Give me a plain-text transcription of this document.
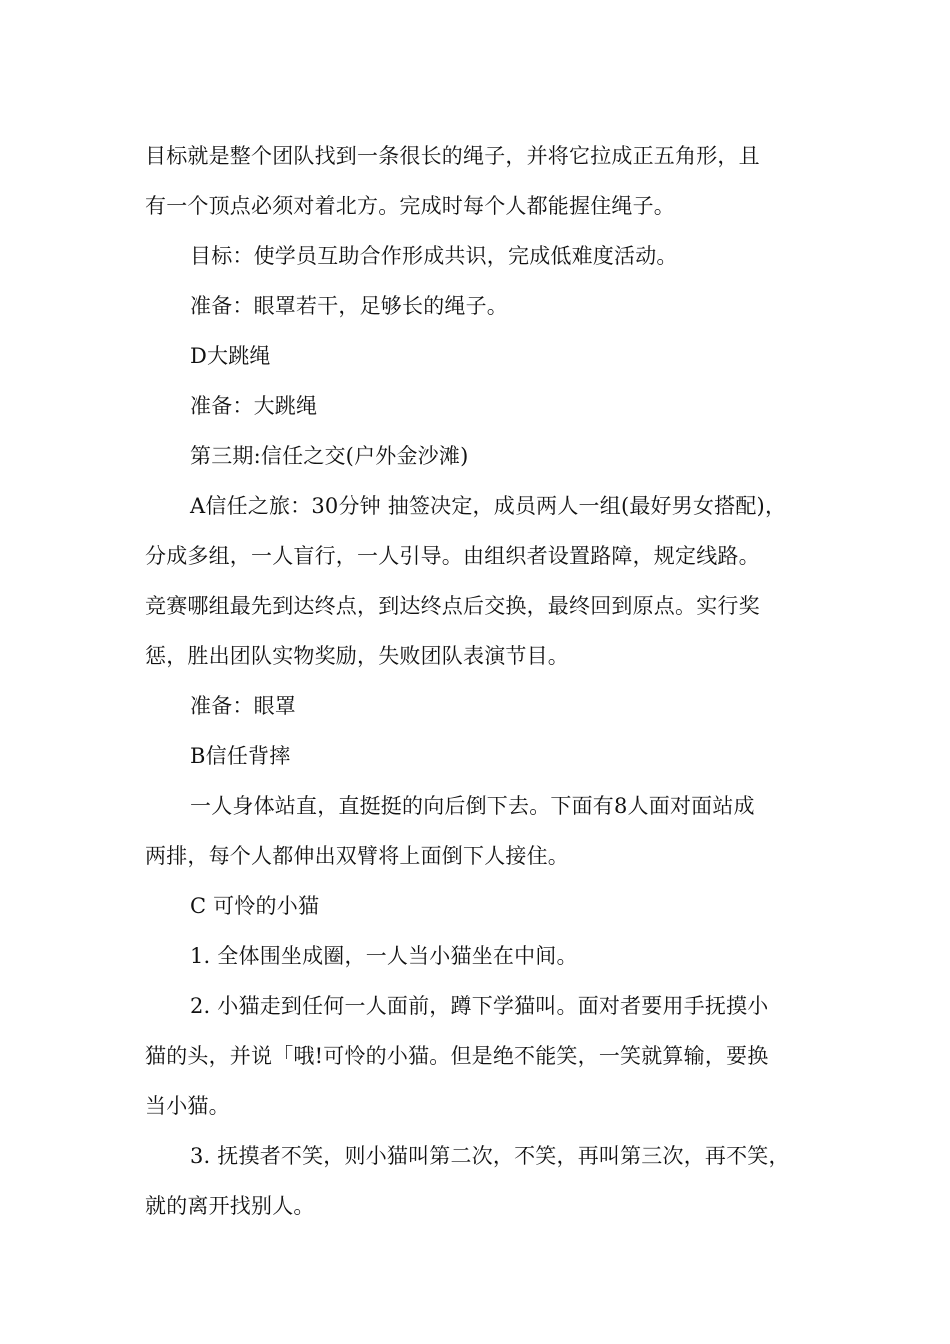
目标就是整个团队找到一条很长的绳子，并将它拉成正五角形，且
有一个顶点必须对着北方。完成时每个人都能握住绳子。
目标：使学员互助合作形成共识，完成低难度活动。
准备：眼罩若干，足够长的绳子。
D大跳绳
准备：大跳绳
第三期:信任之交(户外金沙滩)
A信任之旅：30分钟 抽签决定，成员两人一组(最好男女搭配)，
分成多组，一人盲行，一人引导。由组织者设置路障，规定线路。
竞赛哪组最先到达终点，到达终点后交换，最终回到原点。实行奖
惩，胜出团队实物奖励，失败团队表演节目。
准备：眼罩
B信任背摔
一人身体站直，直挺挺的向后倒下去。下面有8人面对面站成
两排，每个人都伸出双臂将上面倒下人接住。
C 可怜的小猫
1. 全体围坐成圈，一人当小猫坐在中间。
2. 小猫走到任何一人面前，蹲下学猫叫。面对者要用手抚摸小
猫的头，并说「哦!可怜的小猫。但是绝不能笑，一笑就算输，要换
当小猫。
3. 抚摸者不笑，则小猫叫第二次，不笑，再叫第三次，再不笑，
就的离开找别人。
